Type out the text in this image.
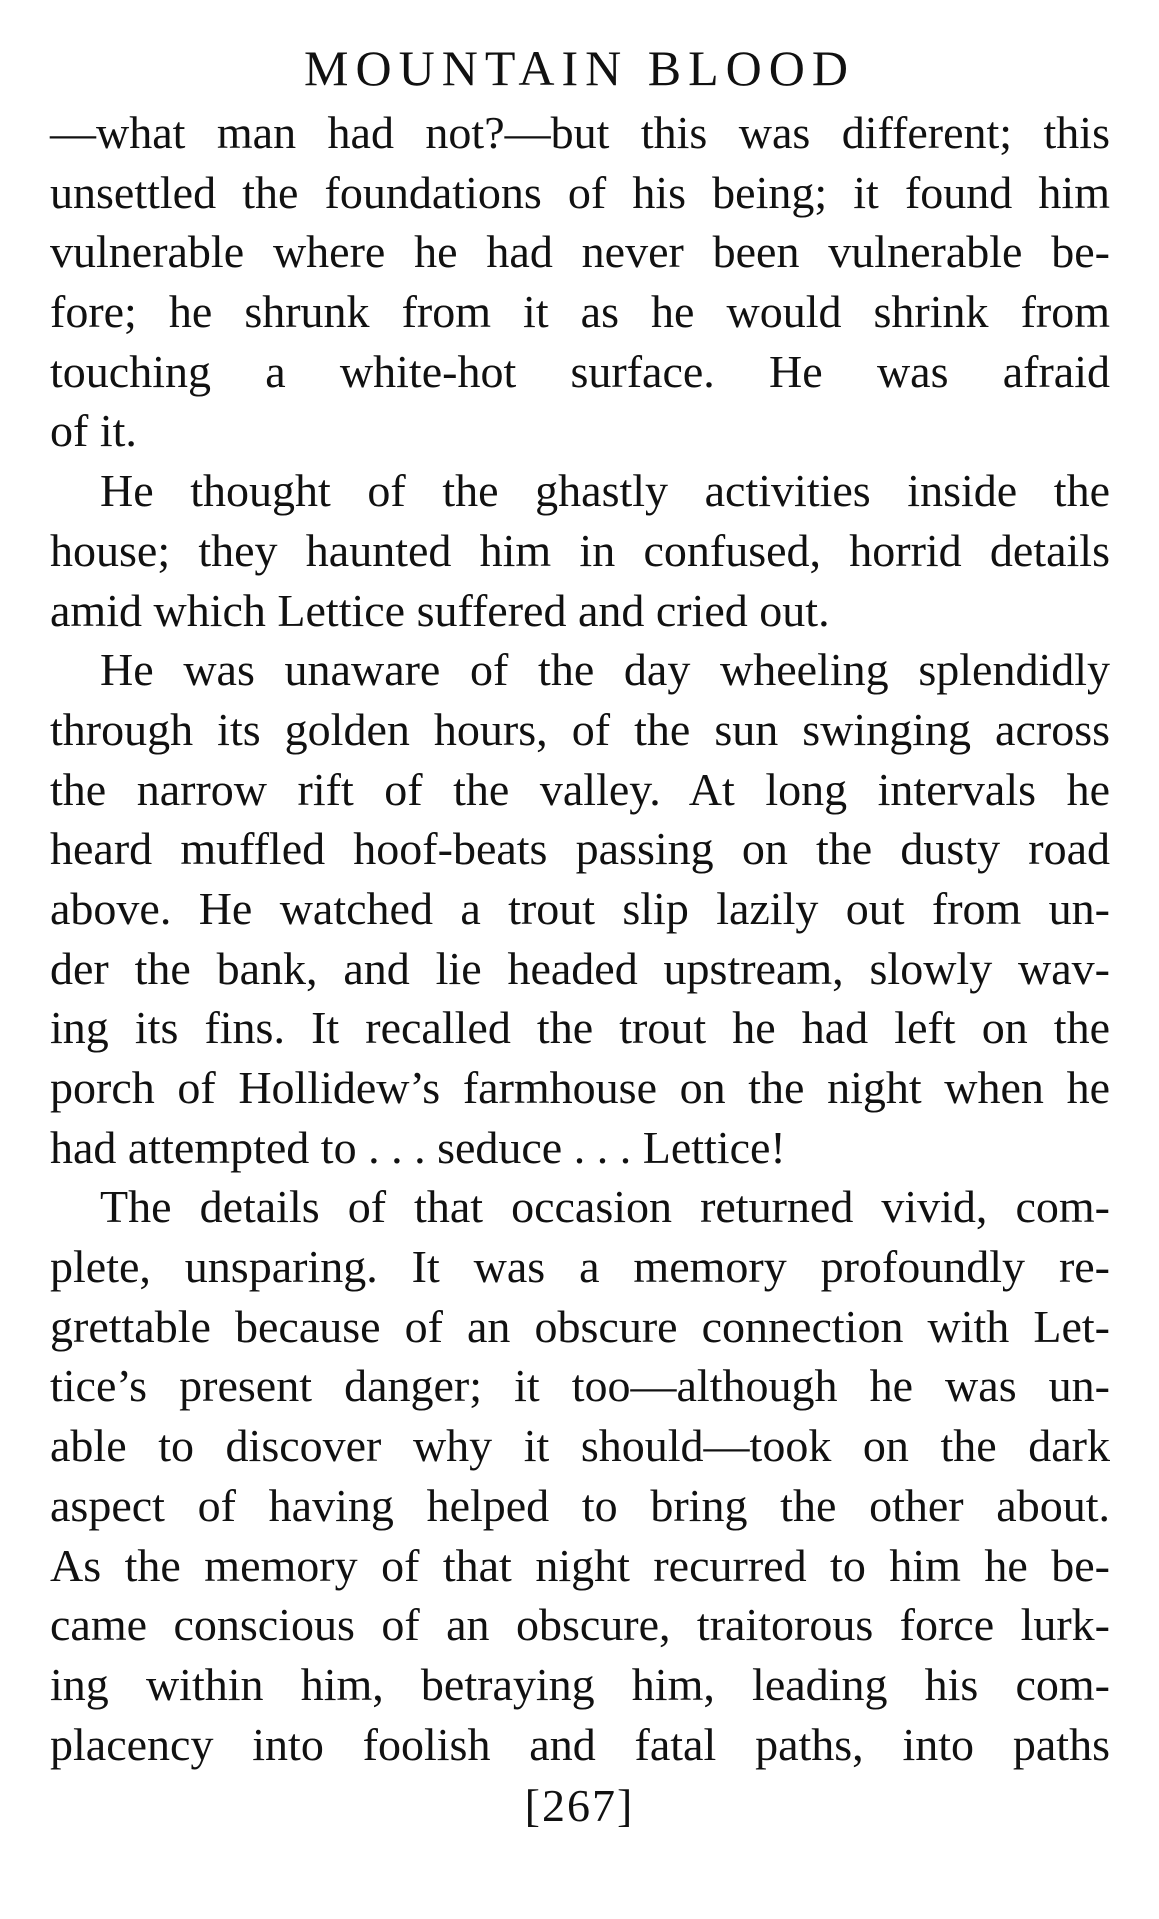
MOUNTAIN BLOOD
—what man had not?—but this was different; this
unsettled the foundations of his being; it found him
vulnerable where he had never been vulnerable be-
fore; he shrunk from it as he would shrink from
touching a white-hot surface. He was afraid
of it.
He thought of the ghastly activities inside the
house; they haunted him in confused, horrid details
amid which Lettice suffered and cried out.
He was unaware of the day wheeling splendidly
through its golden hours, of the sun swinging across
the narrow rift of the valley. At long intervals he
heard muffled hoof-beats passing on the dusty road
above. He watched a trout slip lazily out from un-
der the bank, and lie headed upstream, slowly wav-
ing its fins. It recalled the trout he had left on the
porch of Hollidew’s farmhouse on the night when he
had attempted to . . . seduce . . . Lettice!
The details of that occasion returned vivid, com-
plete, unsparing. It was a memory profoundly re-
grettable because of an obscure connection with Let-
tice’s present danger; it too—although he was un-
able to discover why it should—took on the dark
aspect of having helped to bring the other about.
As the memory of that night recurred to him he be-
came conscious of an obscure, traitorous force lurk-
ing within him, betraying him, leading his com-
placency into foolish and fatal paths, into paths
[267]
